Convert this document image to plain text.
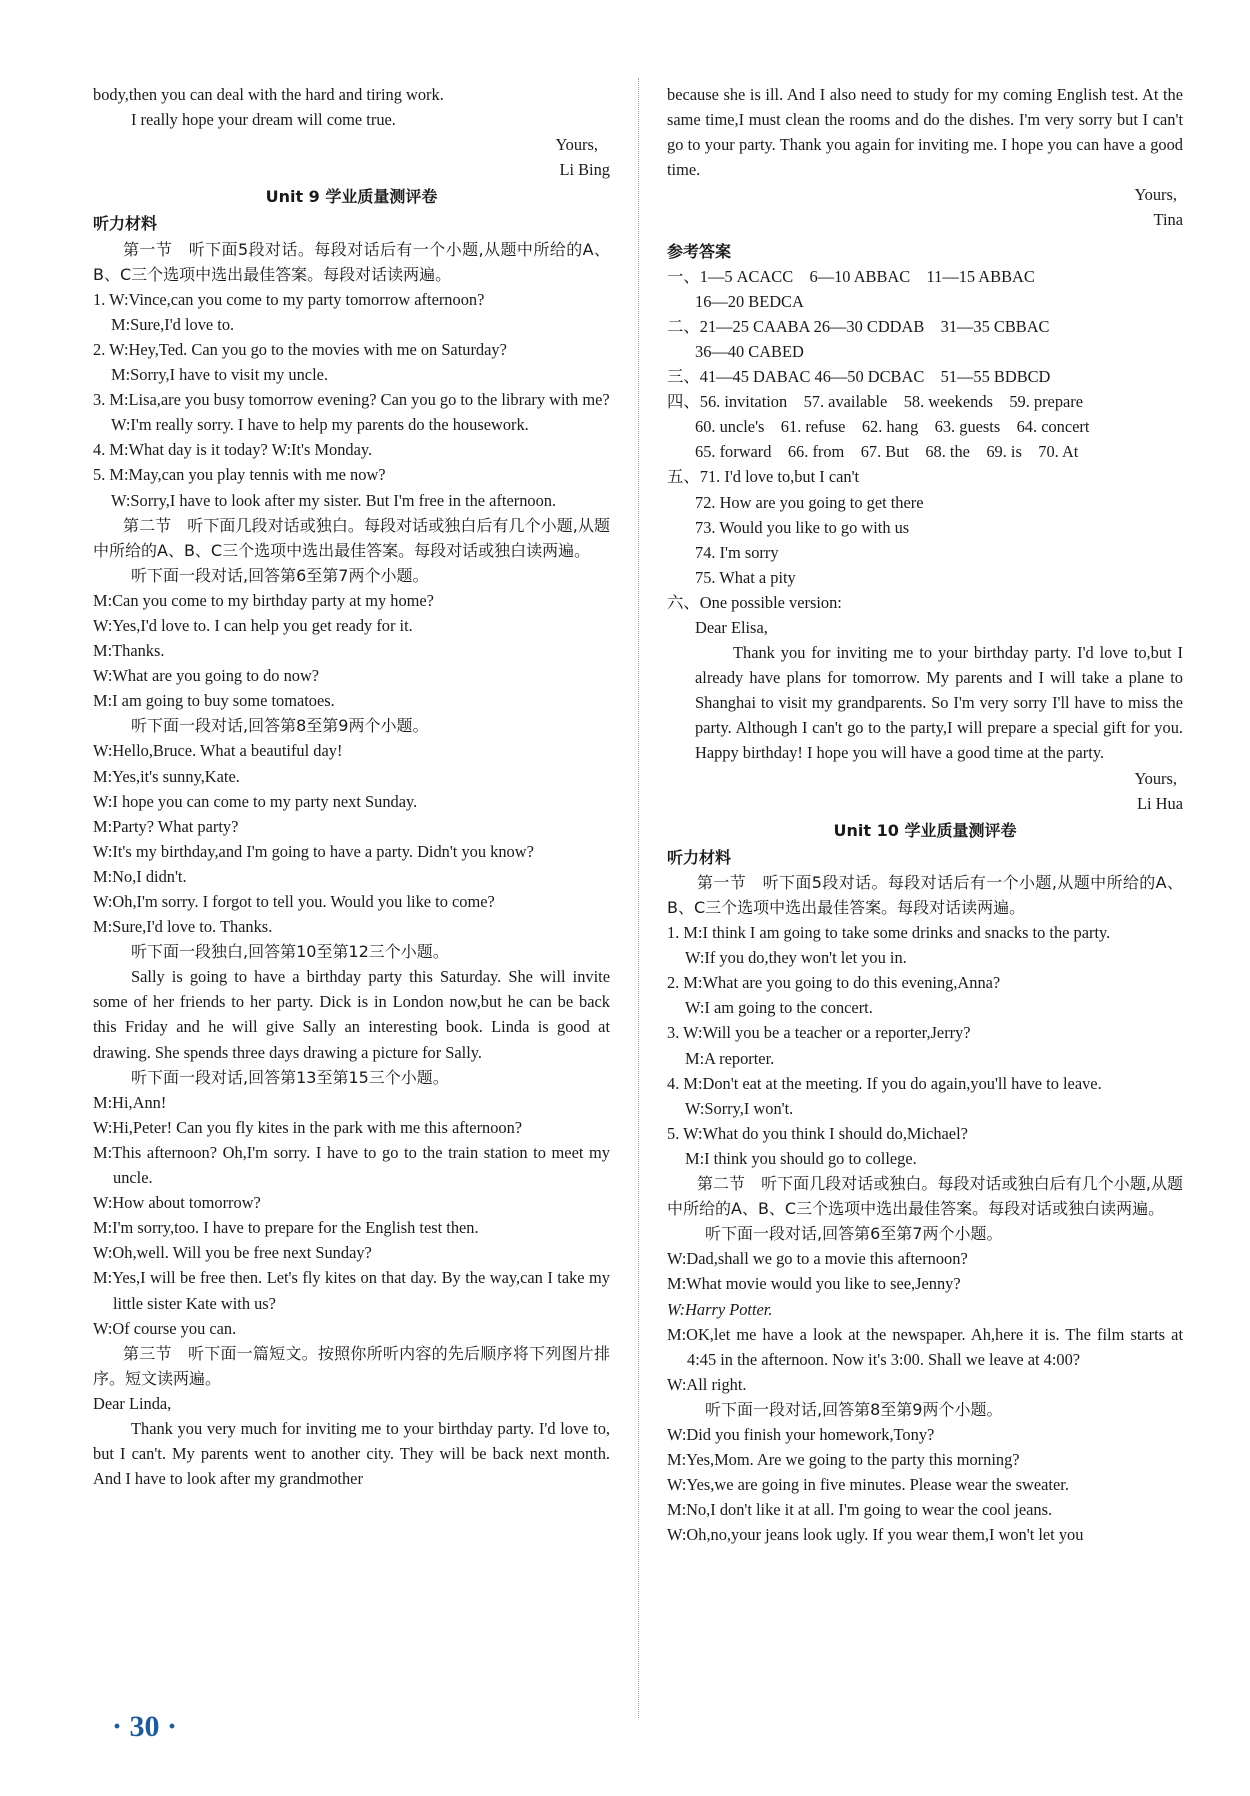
body,then you can deal with the hard and tiring work.

I really hope your dream will come true.

Yours,

Li Bing

Unit 9 学业质量测评卷

听力材料

第一节　听下面5段对话。每段对话后有一个小题,从题中所给的A、B、C三个选项中选出最佳答案。每段对话读两遍。

1. W:Vince,can you come to my party tomorrow afternoon?

M:Sure,I'd love to.

2. W:Hey,Ted. Can you go to the movies with me on Saturday?

M:Sorry,I have to visit my uncle.

3. M:Lisa,are you busy tomorrow evening? Can you go to the library with me?

W:I'm really sorry. I have to help my parents do the housework.

4. M:What day is it today? W:It's Monday.

5. M:May,can you play tennis with me now?

W:Sorry,I have to look after my sister. But I'm free in the afternoon.

第二节　听下面几段对话或独白。每段对话或独白后有几个小题,从题中所给的A、B、C三个选项中选出最佳答案。每段对话或独白读两遍。

听下面一段对话,回答第6至第7两个小题。

M:Can you come to my birthday party at my home?

W:Yes,I'd love to. I can help you get ready for it.

M:Thanks.

W:What are you going to do now?

M:I am going to buy some tomatoes.

听下面一段对话,回答第8至第9两个小题。

W:Hello,Bruce. What a beautiful day!

M:Yes,it's sunny,Kate.

W:I hope you can come to my party next Sunday.

M:Party? What party?

W:It's my birthday,and I'm going to have a party. Didn't you know?

M:No,I didn't.

W:Oh,I'm sorry. I forgot to tell you. Would you like to come?

M:Sure,I'd love to. Thanks.

听下面一段独白,回答第10至第12三个小题。

Sally is going to have a birthday party this Saturday. She will invite some of her friends to her party. Dick is in London now,but he can be back this Friday and he will give Sally an interesting book. Linda is good at drawing. She spends three days drawing a picture for Sally.

听下面一段对话,回答第13至第15三个小题。

M:Hi,Ann!

W:Hi,Peter! Can you fly kites in the park with me this afternoon?

M:This afternoon? Oh,I'm sorry. I have to go to the train station to meet my uncle.

W:How about tomorrow?

M:I'm sorry,too. I have to prepare for the English test then.

W:Oh,well. Will you be free next Sunday?

M:Yes,I will be free then. Let's fly kites on that day. By the way,can I take my little sister Kate with us?

W:Of course you can.

第三节　听下面一篇短文。按照你所听内容的先后顺序将下列图片排序。短文读两遍。

Dear Linda,

Thank you very much for inviting me to your birthday party. I'd love to, but I can't. My parents went to another city. They will be back next month. And I have to look after my grandmother

because she is ill. And I also need to study for my coming English test. At the same time,I must clean the rooms and do the dishes. I'm very sorry but I can't go to your party. Thank you again for inviting me. I hope you can have a good time.

Yours,

Tina

参考答案

一、1—5 ACACC　6—10 ABBAC　11—15 ABBAC

16—20 BEDCA

二、21—25 CAABA 26—30 CDDAB　31—35 CBBAC

36—40 CABED

三、41—45 DABAC 46—50 DCBAC　51—55 BDBCD

四、56. invitation　57. available　58. weekends　59. prepare

60. uncle's　61. refuse　62. hang　63. guests　64. concert

65. forward　66. from　67. But　68. the　69. is　70. At

五、71. I'd love to,but I can't

72. How are you going to get there

73. Would you like to go with us

74. I'm sorry

75. What a pity

六、One possible version:

Dear Elisa,

Thank you for inviting me to your birthday party. I'd love to,but I already have plans for tomorrow. My parents and I will take a plane to Shanghai to visit my grandparents. So I'm very sorry I'll have to miss the party. Although I can't go to the party,I will prepare a special gift for you. Happy birthday! I hope you will have a good time at the party.

Yours,

Li Hua

Unit 10 学业质量测评卷

听力材料

第一节　听下面5段对话。每段对话后有一个小题,从题中所给的A、B、C三个选项中选出最佳答案。每段对话读两遍。

1. M:I think I am going to take some drinks and snacks to the party.

W:If you do,they won't let you in.

2. M:What are you going to do this evening,Anna?

W:I am going to the concert.

3. W:Will you be a teacher or a reporter,Jerry?

M:A reporter.

4. M:Don't eat at the meeting. If you do again,you'll have to leave.

W:Sorry,I won't.

5. W:What do you think I should do,Michael?

M:I think you should go to college.

第二节　听下面几段对话或独白。每段对话或独白后有几个小题,从题中所给的A、B、C三个选项中选出最佳答案。每段对话或独白读两遍。

听下面一段对话,回答第6至第7两个小题。

W:Dad,shall we go to a movie this afternoon?

M:What movie would you like to see,Jenny?

W:Harry Potter.

M:OK,let me have a look at the newspaper. Ah,here it is. The film starts at 4:45 in the afternoon. Now it's 3:00. Shall we leave at 4:00?

W:All right.

听下面一段对话,回答第8至第9两个小题。

W:Did you finish your homework,Tony?

M:Yes,Mom. Are we going to the party this morning?

W:Yes,we are going in five minutes. Please wear the sweater.

M:No,I don't like it at all. I'm going to wear the cool jeans.

W:Oh,no,your jeans look ugly. If you wear them,I won't let you

· 30 ·
